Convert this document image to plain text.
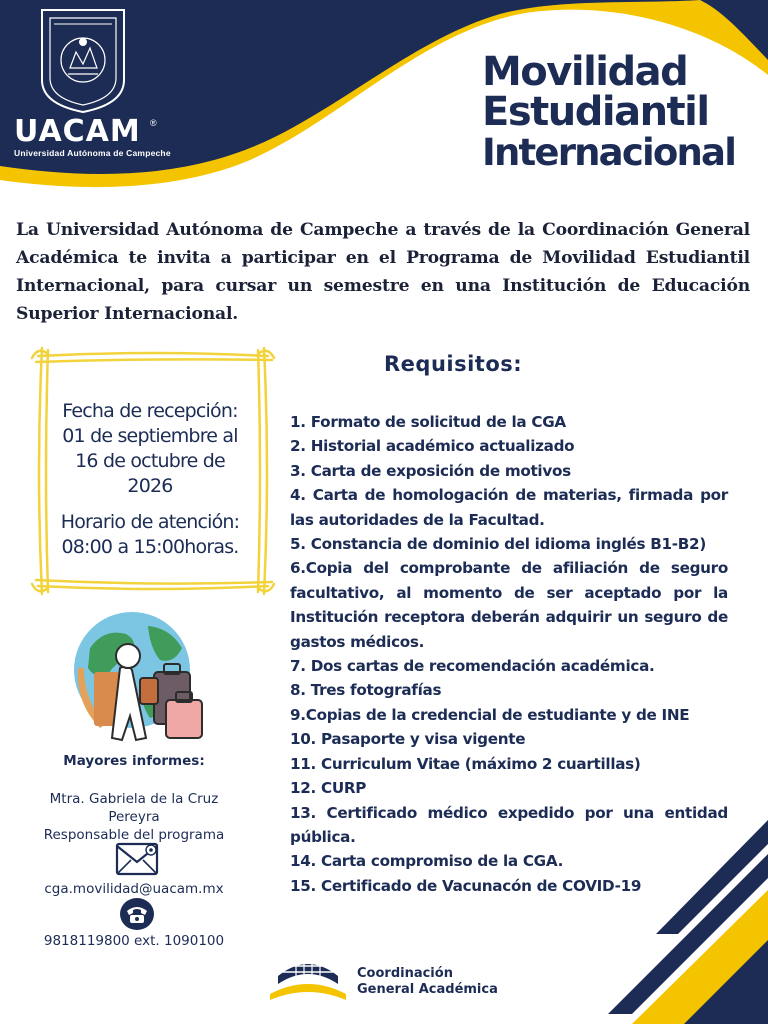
UACAM ®
Universidad Autónoma de Campeche
Movilidad
Estudiantil
Internacional
La Universidad Autónoma de Campeche a través de la Coordinación General Académica te invita a participar en el Programa de Movilidad Estudiantil Internacional, para cursar un semestre en una Institución de Educación Superior Internacional.
Fecha de recepción:
01 de septiembre al
16 de octubre de
2026
Horario de atención:
08:00 a 15:00horas.
Mayores informes:
Mtra. Gabriela de la Cruz
Pereyra
Responsable del programa
cga.movilidad@uacam.mx
9818119800 ext. 1090100
Requisitos:
1. Formato de solicitud de la CGA
2. Historial académico actualizado
3. Carta de exposición de motivos
4. Carta de homologación de materias, firmada por las autoridades de la Facultad.
5. Constancia de dominio del idioma inglés B1-B2)
6.Copia del comprobante de afiliación de seguro facultativo, al momento de ser aceptado por la Institución receptora deberán adquirir un seguro de gastos médicos.
7. Dos cartas de recomendación académica.
8. Tres fotografías
9.Copias de la credencial de estudiante y de INE
10. Pasaporte y visa vigente
11. Curriculum Vitae (máximo 2 cuartillas)
12. CURP
13. Certificado médico expedido por una entidad pública.
14. Carta compromiso de la CGA.
15. Certificado de Vacunacón de COVID-19
Coordinación
General Académica
